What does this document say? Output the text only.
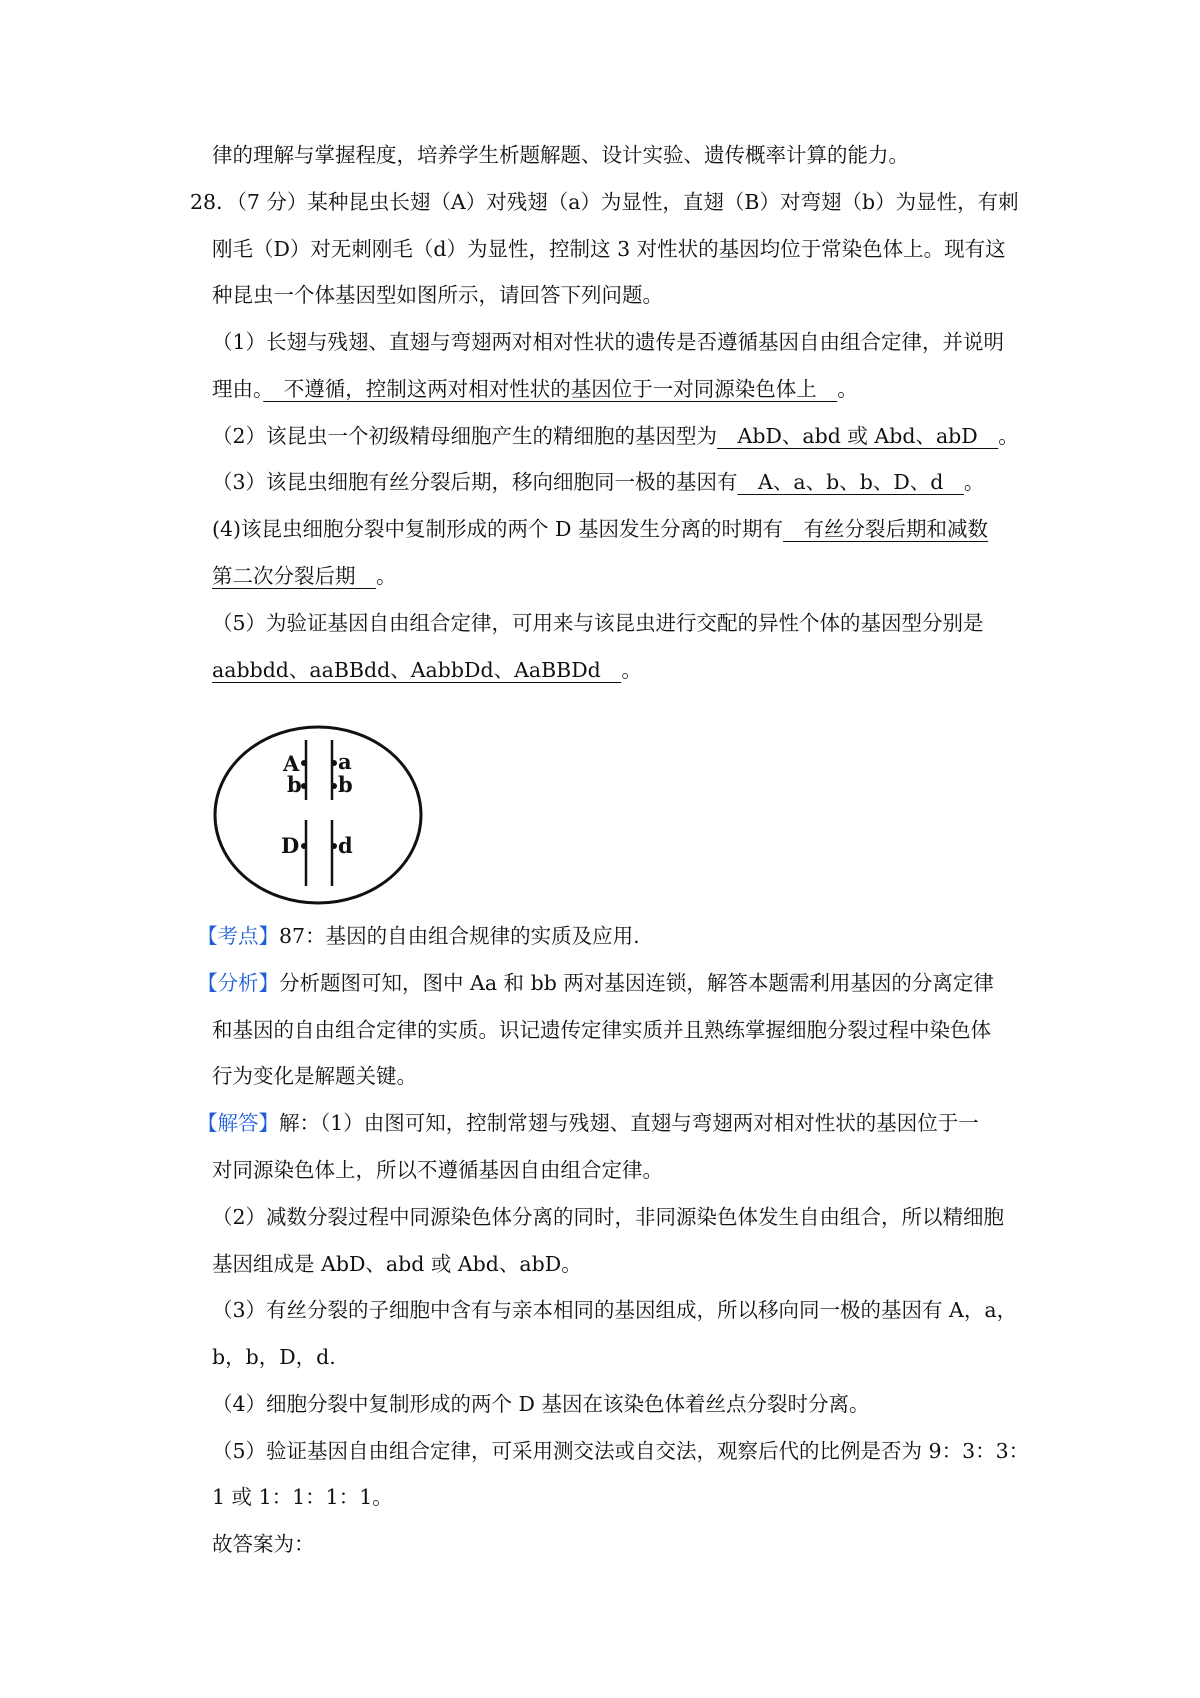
律的理解与掌握程度，培养学生析题解题、设计实验、遗传概率计算的能力。
28．（7 分）某种昆虫长翅（A）对残翅（a）为显性，直翅（B）对弯翅（b）为显性，有刺
刚毛（D）对无刺刚毛（d）为显性，控制这 3 对性状的基因均位于常染色体上。现有这
种昆虫一个体基因型如图所示，请回答下列问题。
（1）长翅与残翅、直翅与弯翅两对相对性状的遗传是否遵循基因自由组合定律，并说明
理由。　不遵循，控制这两对相对性状的基因位于一对同源染色体上　。
（2）该昆虫一个初级精母细胞产生的精细胞的基因型为　AbD、abd 或 Abd、abD　。
（3）该昆虫细胞有丝分裂后期，移向细胞同一极的基因有　A、a、b、b、D、d　。
(4)该昆虫细胞分裂中复制形成的两个 D 基因发生分离的时期有　有丝分裂后期和减数
第二次分裂后期　。
（5）为验证基因自由组合定律，可用来与该昆虫进行交配的异性个体的基因型分别是
aabbdd、aaBBdd、AabbDd、AaBBDd　。
A
b
D
a
b
d
【考点】87：基因的自由组合规律的实质及应用.
【分析】分析题图可知，图中 Aa 和 bb 两对基因连锁，解答本题需利用基因的分离定律
和基因的自由组合定律的实质。识记遗传定律实质并且熟练掌握细胞分裂过程中染色体
行为变化是解题关键。
【解答】解：（1）由图可知，控制常翅与残翅、直翅与弯翅两对相对性状的基因位于一
对同源染色体上，所以不遵循基因自由组合定律。
（2）减数分裂过程中同源染色体分离的同时，非同源染色体发生自由组合，所以精细胞
基因组成是 AbD、abd 或 Abd、abD。
（3）有丝分裂的子细胞中含有与亲本相同的基因组成，所以移向同一极的基因有 A，a，
b，b，D，d.
（4）细胞分裂中复制形成的两个 D 基因在该染色体着丝点分裂时分离。
（5）验证基因自由组合定律，可采用测交法或自交法，观察后代的比例是否为 9：3：3：
1 或 1：1：1：1。
故答案为：
